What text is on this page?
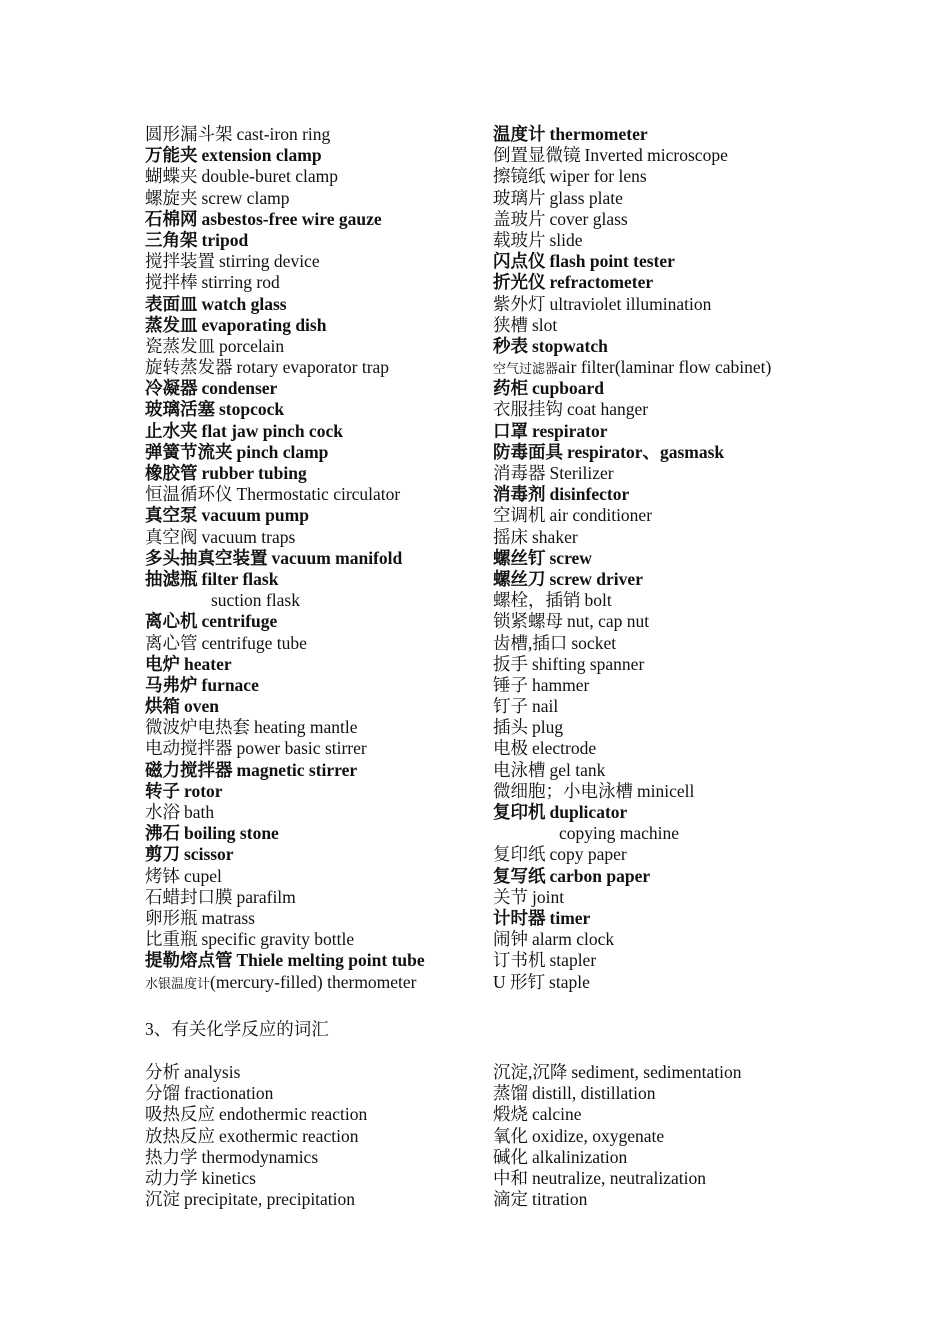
圆形漏斗架 cast-iron ring
万能夹 extension clamp
蝴蝶夹 double-buret clamp
螺旋夹 screw clamp
石棉网 asbestos-free wire gauze
三角架 tripod
搅拌装置 stirring device
搅拌棒 stirring rod
表面皿 watch glass
蒸发皿 evaporating dish
瓷蒸发皿 porcelain
旋转蒸发器 rotary evaporator trap
冷凝器 condenser
玻璃活塞 stopcock
止水夹 flat jaw pinch cock
弹簧节流夹 pinch clamp
橡胶管 rubber tubing
恒温循环仪 Thermostatic circulator
真空泵 vacuum pump
真空阀 vacuum traps
多头抽真空装置 vacuum manifold
抽滤瓶 filter flask
suction flask
离心机 centrifuge
离心管 centrifuge tube
电炉 heater
马弗炉 furnace
烘箱 oven
微波炉电热套 heating mantle
电动搅拌器 power basic stirrer
磁力搅拌器 magnetic stirrer
转子 rotor
水浴 bath
沸石 boiling stone
剪刀 scissor
烤钵 cupel
石蜡封口膜 parafilm
卵形瓶 matrass
比重瓶 specific gravity bottle
提勒熔点管 Thiele melting point tube
水银温度计(mercury-filled) thermometer
温度计 thermometer
倒置显微镜 Inverted microscope
擦镜纸 wiper for lens
玻璃片 glass plate
盖玻片 cover glass
载玻片 slide
闪点仪 flash point tester
折光仪 refractometer
紫外灯 ultraviolet illumination
狭槽 slot
秒表 stopwatch
空气过滤器air filter(laminar flow cabinet)
药柜 cupboard
衣服挂钩 coat hanger
口罩 respirator
防毒面具 respirator、gasmask
消毒器 Sterilizer
消毒剂 disinfector
空调机 air conditioner
摇床 shaker
螺丝钉 screw
螺丝刀 screw driver
螺栓，插销 bolt
锁紧螺母 nut, cap nut
齿槽,插口 socket
扳手 shifting spanner
锤子 hammer
钉子 nail
插头 plug
电极 electrode
电泳槽 gel tank
微细胞；小电泳槽 minicell
复印机 duplicator
copying machine
复印纸 copy paper
复写纸 carbon paper
关节 joint
计时器 timer
闹钟 alarm clock
订书机 stapler
U 形钉 staple
3、有关化学反应的词汇
分析 analysis
分馏 fractionation
吸热反应 endothermic reaction
放热反应 exothermic reaction
热力学 thermodynamics
动力学 kinetics
沉淀 precipitate, precipitation
沉淀,沉降 sediment, sedimentation
蒸馏 distill, distillation
煅烧 calcine
氧化 oxidize, oxygenate
碱化 alkalinization
中和 neutralize, neutralization
滴定 titration
